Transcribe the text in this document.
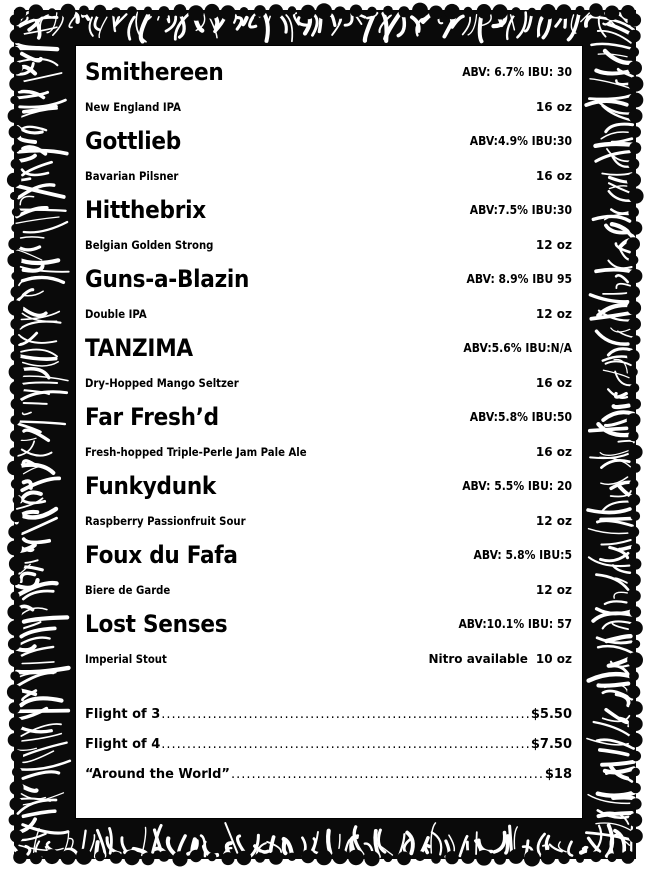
Smithereen	ABV: 6.7% IBU: 30
New England IPA	16 oz
Gottlieb	ABV:4.9% IBU:30
Bavarian Pilsner	16 oz
Hitthebrix	ABV:7.5% IBU:30
Belgian Golden Strong	12 oz
Guns-a-Blazin	ABV: 8.9% IBU 95
Double IPA	12 oz
TANZIMA	ABV:5.6% IBU:N/A
Dry-Hopped Mango Seltzer	16 oz
Far Fresh’d	ABV:5.8% IBU:50
Fresh-hopped Triple-Perle Jam Pale Ale	16 oz
Funkydunk	ABV: 5.5% IBU: 20
Raspberry Passionfruit Sour	12 oz
Foux du Fafa	ABV: 5.8% IBU:5
Biere de Garde	12 oz
Lost Senses	ABV:10.1% IBU: 57
Imperial Stout	Nitro available 10 oz
Flight of 3 .....	$5.50
Flight of 4 .....	$7.50
“Around the World” .....	$18
